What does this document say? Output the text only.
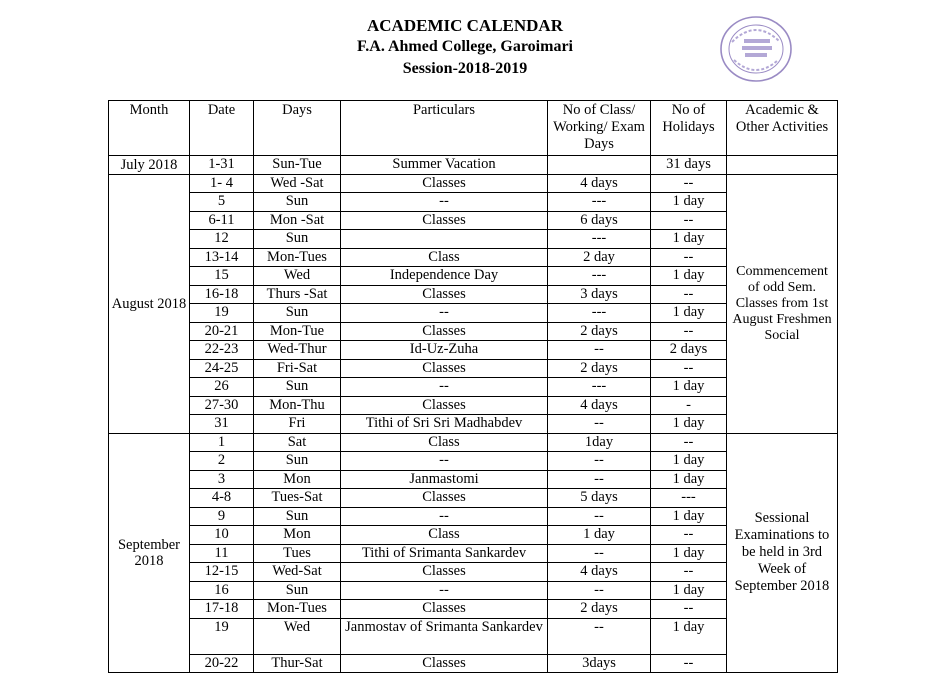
ACADEMIC CALENDAR
F.A. Ahmed College, Garoimari
Session-2018-2019
Month	Date	Days	Particulars	No of Class/ Working/ Exam Days	No of Holidays	Academic & Other Activities
July 2018	1-31	Sun-Tue	Summer Vacation		31 days	
August 2018	1- 4	Wed -Sat	Classes	4 days	--	Commencement of odd Sem. Classes from 1st August Freshmen Social
	5	Sun	--	---	1 day	
	6-11	Mon -Sat	Classes	6 days	--	
	12	Sun		---	1 day	
	13-14	Mon-Tues	Class	2 day	--	
	15	Wed	Independence Day	---	1 day	
	16-18	Thurs -Sat	Classes	3 days	--	
	19	Sun	--	---	1 day	
	20-21	Mon-Tue	Classes	2 days	--	
	22-23	Wed-Thur	Id-Uz-Zuha	--	2 days	
	24-25	Fri-Sat	Classes	2 days	--	
	26	Sun	--	---	1 day	
	27-30	Mon-Thu	Classes	4 days	-	
	31	Fri	Tithi of Sri Sri Madhabdev	--	1 day	
September 2018	1	Sat	Class	1day	--	Sessional Examinations to be held in 3rd Week of September 2018
	2	Sun	--	--	1 day	
	3	Mon	Janmastomi	--	1 day	
	4-8	Tues-Sat	Classes	5 days	---	
	9	Sun	--	--	1 day	
	10	Mon	Class	1 day	--	
	11	Tues	Tithi of Srimanta Sankardev	--	1 day	
	12-15	Wed-Sat	Classes	4 days	--	
	16	Sun	--	--	1 day	
	17-18	Mon-Tues	Classes	2 days	--	
	19	Wed	Janmostav of Srimanta Sankardev	--	1 day	
	20-22	Thur-Sat	Classes	3days	--	
